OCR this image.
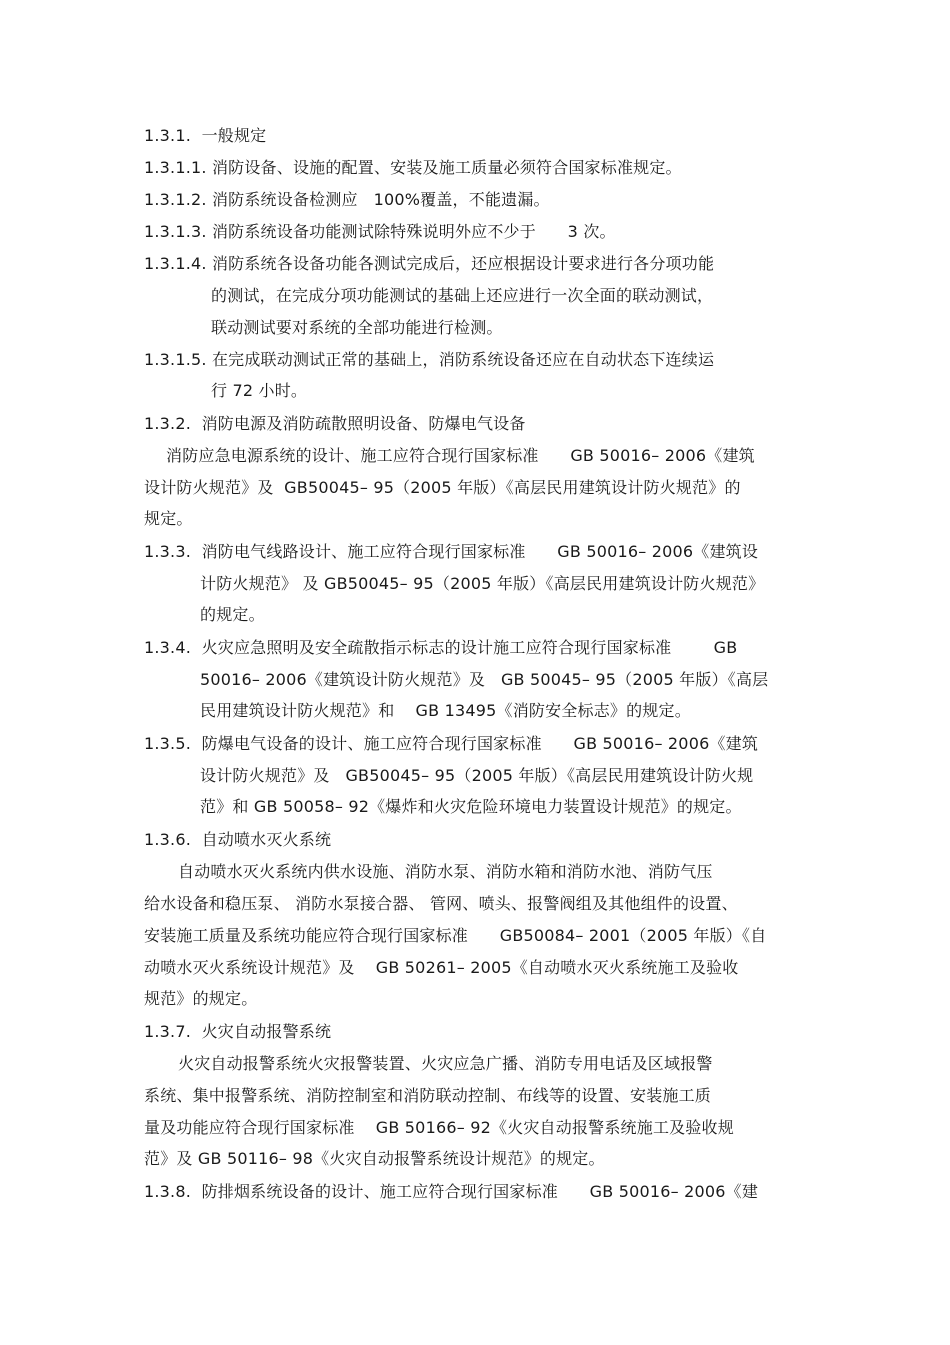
1.3.1.  一般规定
1.3.1.1. 消防设备、设施的配置、安装及施工质量必须符合国家标准规定。
1.3.1.2. 消防系统设备检测应   100%覆盖，不能遗漏。
1.3.1.3. 消防系统设备功能测试除特殊说明外应不少于      3 次。
1.3.1.4. 消防系统各设备功能各测试完成后，还应根据设计要求进行各分项功能
的测试，在完成分项功能测试的基础上还应进行一次全面的联动测试，
联动测试要对系统的全部功能进行检测。
1.3.1.5. 在完成联动测试正常的基础上，消防系统设备还应在自动状态下连续运
行 72 小时。
1.3.2.  消防电源及消防疏散照明设备、防爆电气设备
消防应急电源系统的设计、施工应符合现行国家标准      GB 50016– 2006《建筑
设计防火规范》及  GB50045– 95（2005 年版）《高层民用建筑设计防火规范》的
规定。
1.3.3.  消防电气线路设计、施工应符合现行国家标准      GB 50016– 2006《建筑设
计防火规范》 及 GB50045– 95（2005 年版）《高层民用建筑设计防火规范》
的规定。
1.3.4.  火灾应急照明及安全疏散指示标志的设计施工应符合现行国家标准        GB
50016– 2006《建筑设计防火规范》及   GB 50045– 95（2005 年版）《高层
民用建筑设计防火规范》和    GB 13495《消防安全标志》的规定。
1.3.5.  防爆电气设备的设计、施工应符合现行国家标准      GB 50016– 2006《建筑
设计防火规范》及   GB50045– 95（2005 年版）《高层民用建筑设计防火规
范》和 GB 50058– 92《爆炸和火灾危险环境电力装置设计规范》的规定。
1.3.6.  自动喷水灭火系统
自动喷水灭火系统内供水设施、消防水泵、消防水箱和消防水池、消防气压
给水设备和稳压泵、 消防水泵接合器、 管网、喷头、报警阀组及其他组件的设置、
安装施工质量及系统功能应符合现行国家标准      GB50084– 2001（2005 年版）《自
动喷水灭火系统设计规范》及    GB 50261– 2005《自动喷水灭火系统施工及验收
规范》的规定。
1.3.7.  火灾自动报警系统
火灾自动报警系统火灾报警装置、火灾应急广播、消防专用电话及区域报警
系统、集中报警系统、消防控制室和消防联动控制、布线等的设置、安装施工质
量及功能应符合现行国家标准    GB 50166– 92《火灾自动报警系统施工及验收规
范》及 GB 50116– 98《火灾自动报警系统设计规范》的规定。
1.3.8.  防排烟系统设备的设计、施工应符合现行国家标准      GB 50016– 2006《建
